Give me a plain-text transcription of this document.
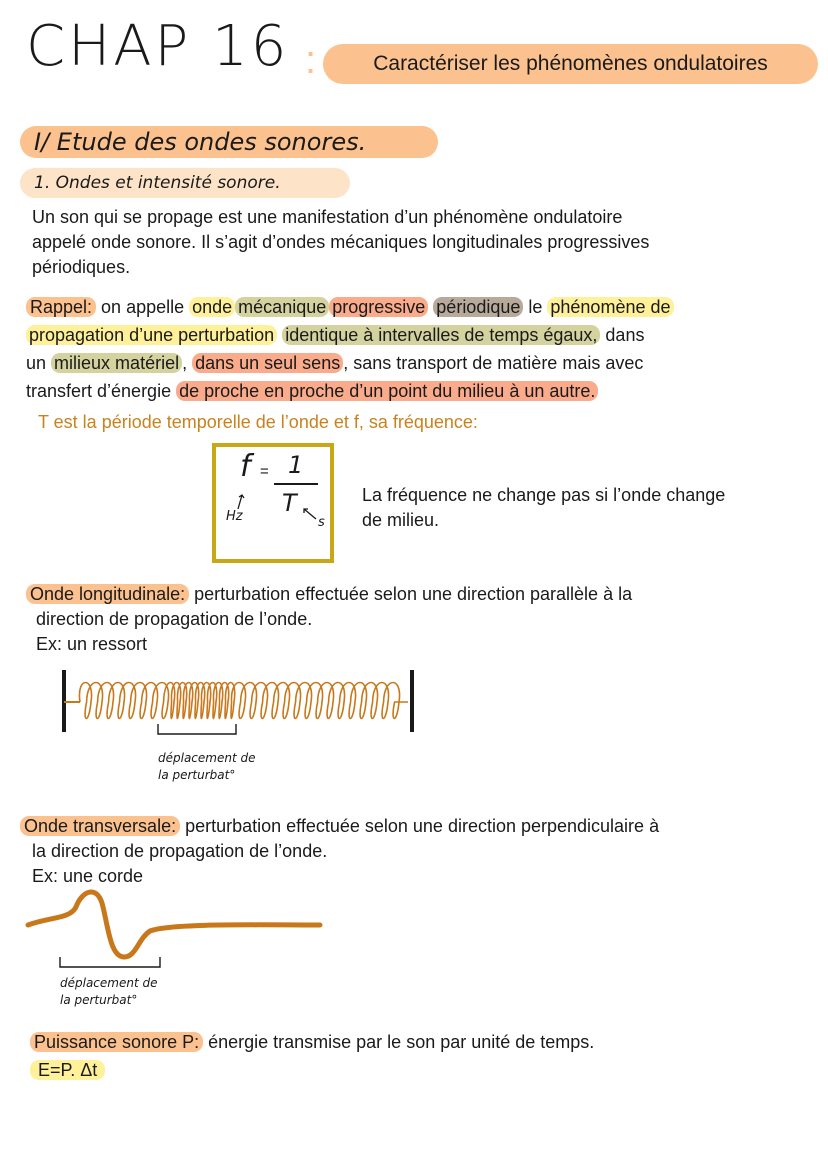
CHAP 16 :	Caractériser les phénomènes ondulatoires
I/ Etude des ondes sonores.
1. Ondes et intensité sonore.
Un son qui se propage est une manifestation d’un phénomène ondulatoire
appelé onde sonore. Il s’agit d’ondes mécaniques longitudinales progressives
périodiques.
Rappel: on appelle onde mécanique progressive périodique le phénomène de
propagation d’une perturbation identique à intervalles de temps égaux, dans
un milieux matériel , dans un seul sens , sans transport de matière mais avec
transfert d’énergie de proche en proche d’un point du milieu à un autre.
T est la période temporelle de l’onde et f, sa fréquence:
f = 1
T
Hz	s
La fréquence ne change pas si l’onde change
de milieu.
Onde longitudinale: perturbation effectuée selon une direction parallèle à la
direction de propagation de l’onde.
Ex: un ressort
déplacement de
la perturbat°
Onde transversale: perturbation effectuée selon une direction perpendiculaire à
la direction de propagation de l’onde.
Ex: une corde
déplacement de
la perturbat°
Puissance sonore P: énergie transmise par le son par unité de temps.
E=P. Δt
